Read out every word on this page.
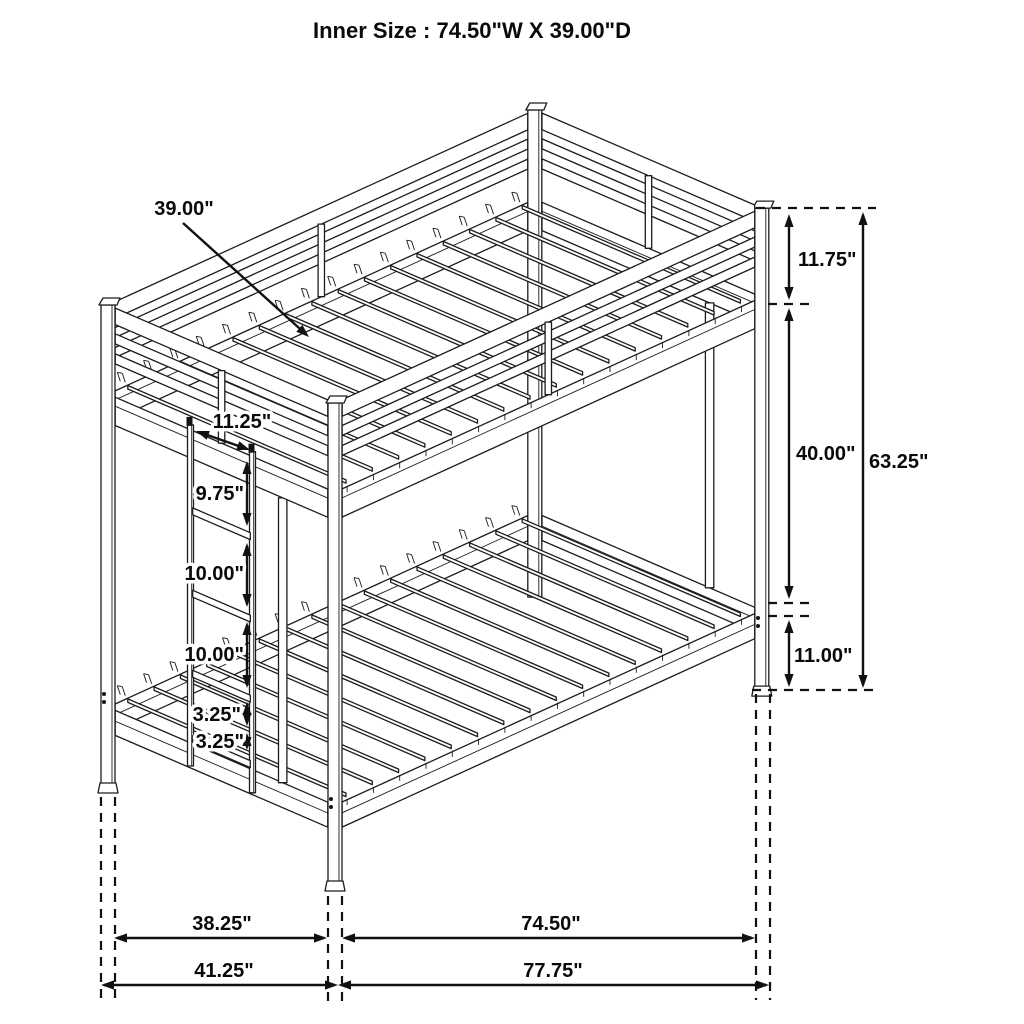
Inner Size : 74.50"W X 39.00"D
39.00"
11.75"
40.00" 63.25"
11.00"
11.25"
9.75"
10.00"
10.00"
3.25"
3.25"
38.25"	74.50"
41.25"	77.75"
